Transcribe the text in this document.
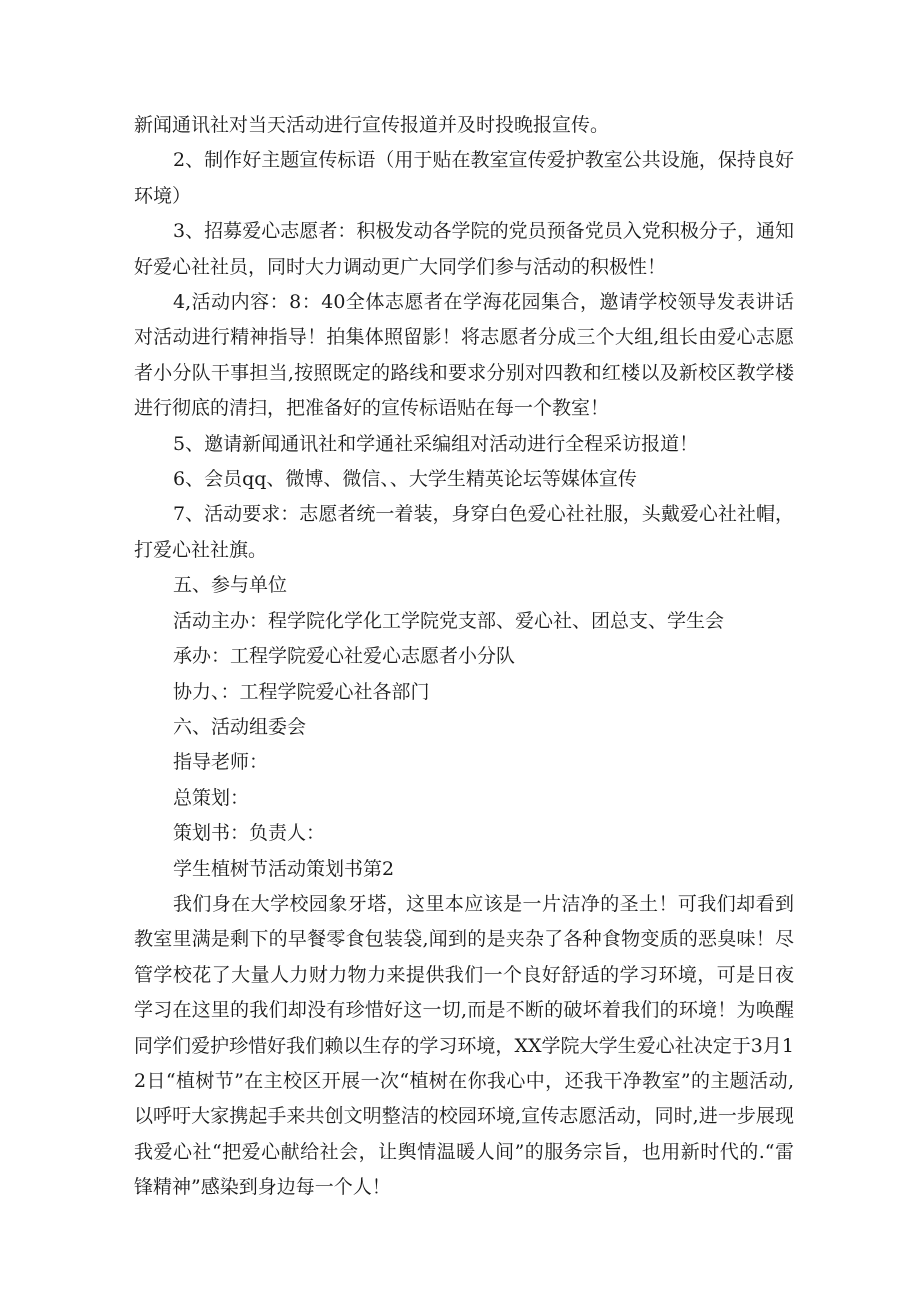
新闻通讯社对当天活动进行宣传报道并及时投晚报宣传。

2、制作好主题宣传标语（用于贴在教室宣传爱护教室公共设施，保持良好环境）

3、招募爱心志愿者：积极发动各学院的党员预备党员入党积极分子，通知好爱心社社员，同时大力调动更广大同学们参与活动的积极性！

4,活动内容：8：40全体志愿者在学海花园集合，邀请学校领导发表讲话对活动进行精神指导！拍集体照留影！将志愿者分成三个大组,组长由爱心志愿者小分队干事担当,按照既定的路线和要求分别对四教和红楼以及新校区教学楼进行彻底的清扫，把准备好的宣传标语贴在每一个教室！

5、邀请新闻通讯社和学通社采编组对活动进行全程采访报道！

6、会员qq、微博、微信、、大学生精英论坛等媒体宣传

7、活动要求：志愿者统一着装，身穿白色爱心社社服，头戴爱心社社帽，打爱心社社旗。

五、参与单位

活动主办：程学院化学化工学院党支部、爱心社、团总支、学生会

承办：工程学院爱心社爱心志愿者小分队

协力、：工程学院爱心社各部门

六、活动组委会

指导老师：

总策划：

策划书：负责人：

学生植树节活动策划书第2

我们身在大学校园象牙塔，这里本应该是一片洁净的圣土！可我们却看到教室里满是剩下的早餐零食包装袋,闻到的是夹杂了各种食物变质的恶臭味！尽管学校花了大量人力财力物力来提供我们一个良好舒适的学习环境，可是日夜学习在这里的我们却没有珍惜好这一切,而是不断的破坏着我们的环境！为唤醒同学们爱护珍惜好我们赖以生存的学习环境，XX学院大学生爱心社决定于3月12日“植树节”在主校区开展一次“植树在你我心中，还我干净教室”的主题活动,以呼吁大家携起手来共创文明整洁的校园环境,宣传志愿活动，同时,进一步展现我爱心社“把爱心献给社会，让舆情温暖人间”的服务宗旨，也用新时代的.“雷锋精神”感染到身边每一个人！
